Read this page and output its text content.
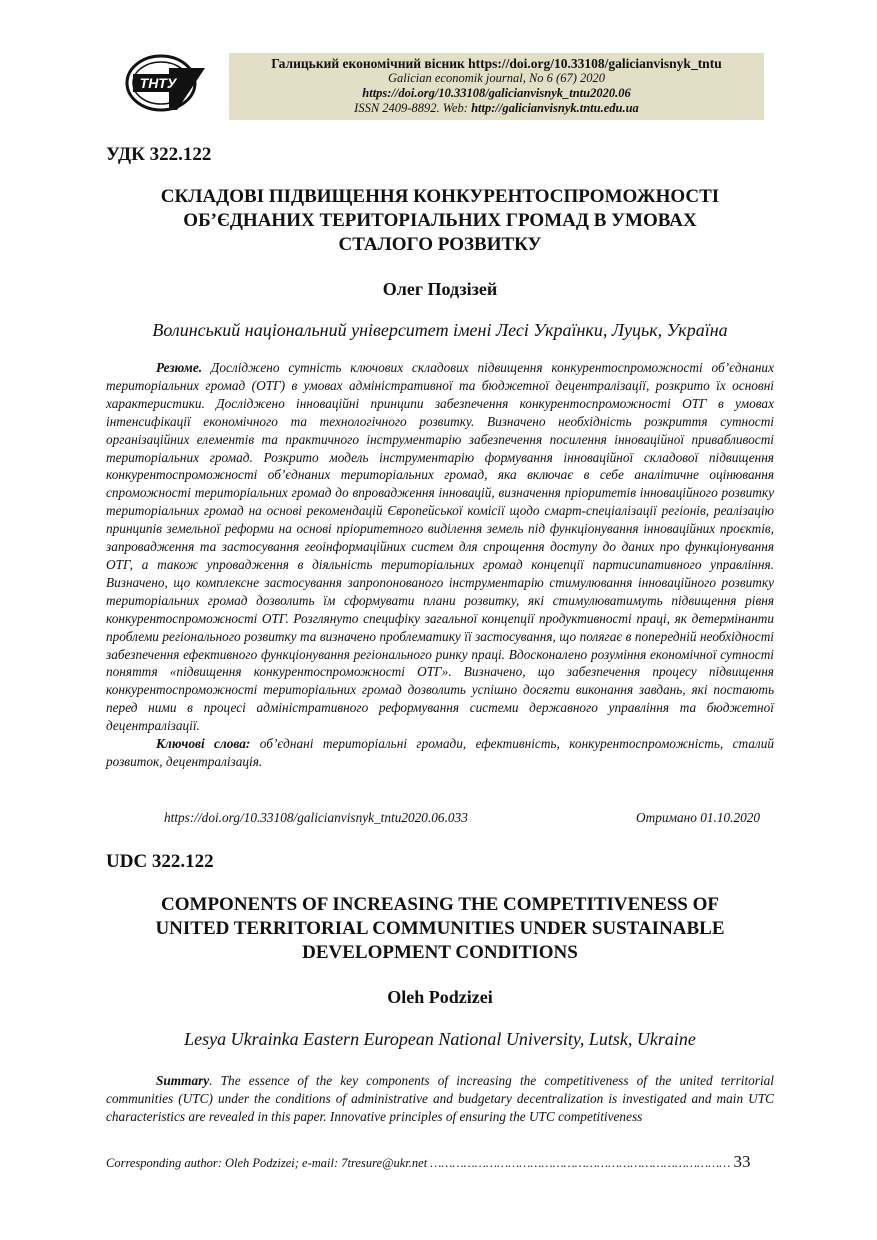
ТНТУ
Галицький економічний вісник https://doi.org/10.33108/galicianvisnyk_tntu
Galician economik journal, No 6 (67) 2020
https://doi.org/10.33108/galicianvisnyk_tntu2020.06
ISSN 2409-8892. Web: http://galicianvisnyk.tntu.edu.ua
УДК 322.122
СКЛАДОВІ ПІДВИЩЕННЯ КОНКУРЕНТОСПРОМОЖНОСТІ
ОБ’ЄДНАНИХ ТЕРИТОРІАЛЬНИХ ГРОМАД В УМОВАХ
СТАЛОГО РОЗВИТКУ
Олег Подзізей
Волинський національний університет імені Лесі Українки, Луцьк, Україна

Резюме. Досліджено сутність ключових складових підвищення конкурентоспроможності об’єднаних територіальних громад (ОТГ) в умовах адміністративної та бюджетної децентралізації, розкрито їх основні характеристики. Досліджено інноваційні принципи забезпечення конкурентоспроможності ОТГ в умовах інтенсифікації економічного та технологічного розвитку. Визначено необхідність розкриття сутності організаційних елементів та практичного інструментарію забезпечення посилення інноваційної привабливості територіальних громад. Розкрито модель інструментарію формування інноваційної складової підвищення конкурентоспроможності об’єднаних територіальних громад, яка включає в себе аналітичне оцінювання спроможності територіальних громад до впровадження інновацій, визначення пріоритетів інноваційного розвитку територіальних громад на основі рекомендацій Європейської комісії щодо смарт-спеціалізації регіонів, реалізацію принципів земельної реформи на основі пріоритетного виділення земель під функціонування інноваційних проєктів, запровадження та застосування геоінформаційних систем для спрощення доступу до даних про функціонування ОТГ, а також упровадження в діяльність територіальних громад концепції партисипативного управління. Визначено, що комплексне застосування запропонованого інструментарію стимулювання інноваційного розвитку територіальних громад дозволить їм сформувати плани розвитку, які стимулюватимуть підвищення рівня конкурентоспроможності ОТГ. Розглянуто специфіку загальної концепції продуктивності праці, як детермінанти проблеми регіонального розвитку та визначено проблематику її застосування, що полягає в попередній необхідності забезпечення ефективного функціонування регіонального ринку праці. Вдосконалено розуміння економічної сутності поняття «підвищення конкурентоспроможності ОТГ». Визначено, що забезпечення процесу підвищення конкурентоспроможності територіальних громад дозволить успішно досягти виконання завдань, які постають перед ними в процесі адміністративного реформування системи державного управління та бюджетної децентралізації.

Ключові слова: об’єднані територіальні громади, ефективність, конкурентоспроможність, сталий розвиток, децентралізація.

https://doi.org/10.33108/galicianvisnyk_tntu2020.06.033	Отримано 01.10.2020
UDC 322.122
COMPONENTS OF INCREASING THE COMPETITIVENESS OF
UNITED TERRITORIAL COMMUNITIES UNDER SUSTAINABLE
DEVELOPMENT CONDITIONS
Oleh Podzizei
Lesya Ukrainka Eastern European National University, Lutsk, Ukraine

Summary. The essence of the key components of increasing the competitiveness of the united territorial communities (UTC) under the conditions of administrative and budgetary decentralization is investigated and main UTC characteristics are revealed in this paper. Innovative principles of ensuring the UTC competitiveness

Corresponding author: Oleh Podzizei; e-mail: 7tresure@ukr.net ……………………………………………………………………… 33
